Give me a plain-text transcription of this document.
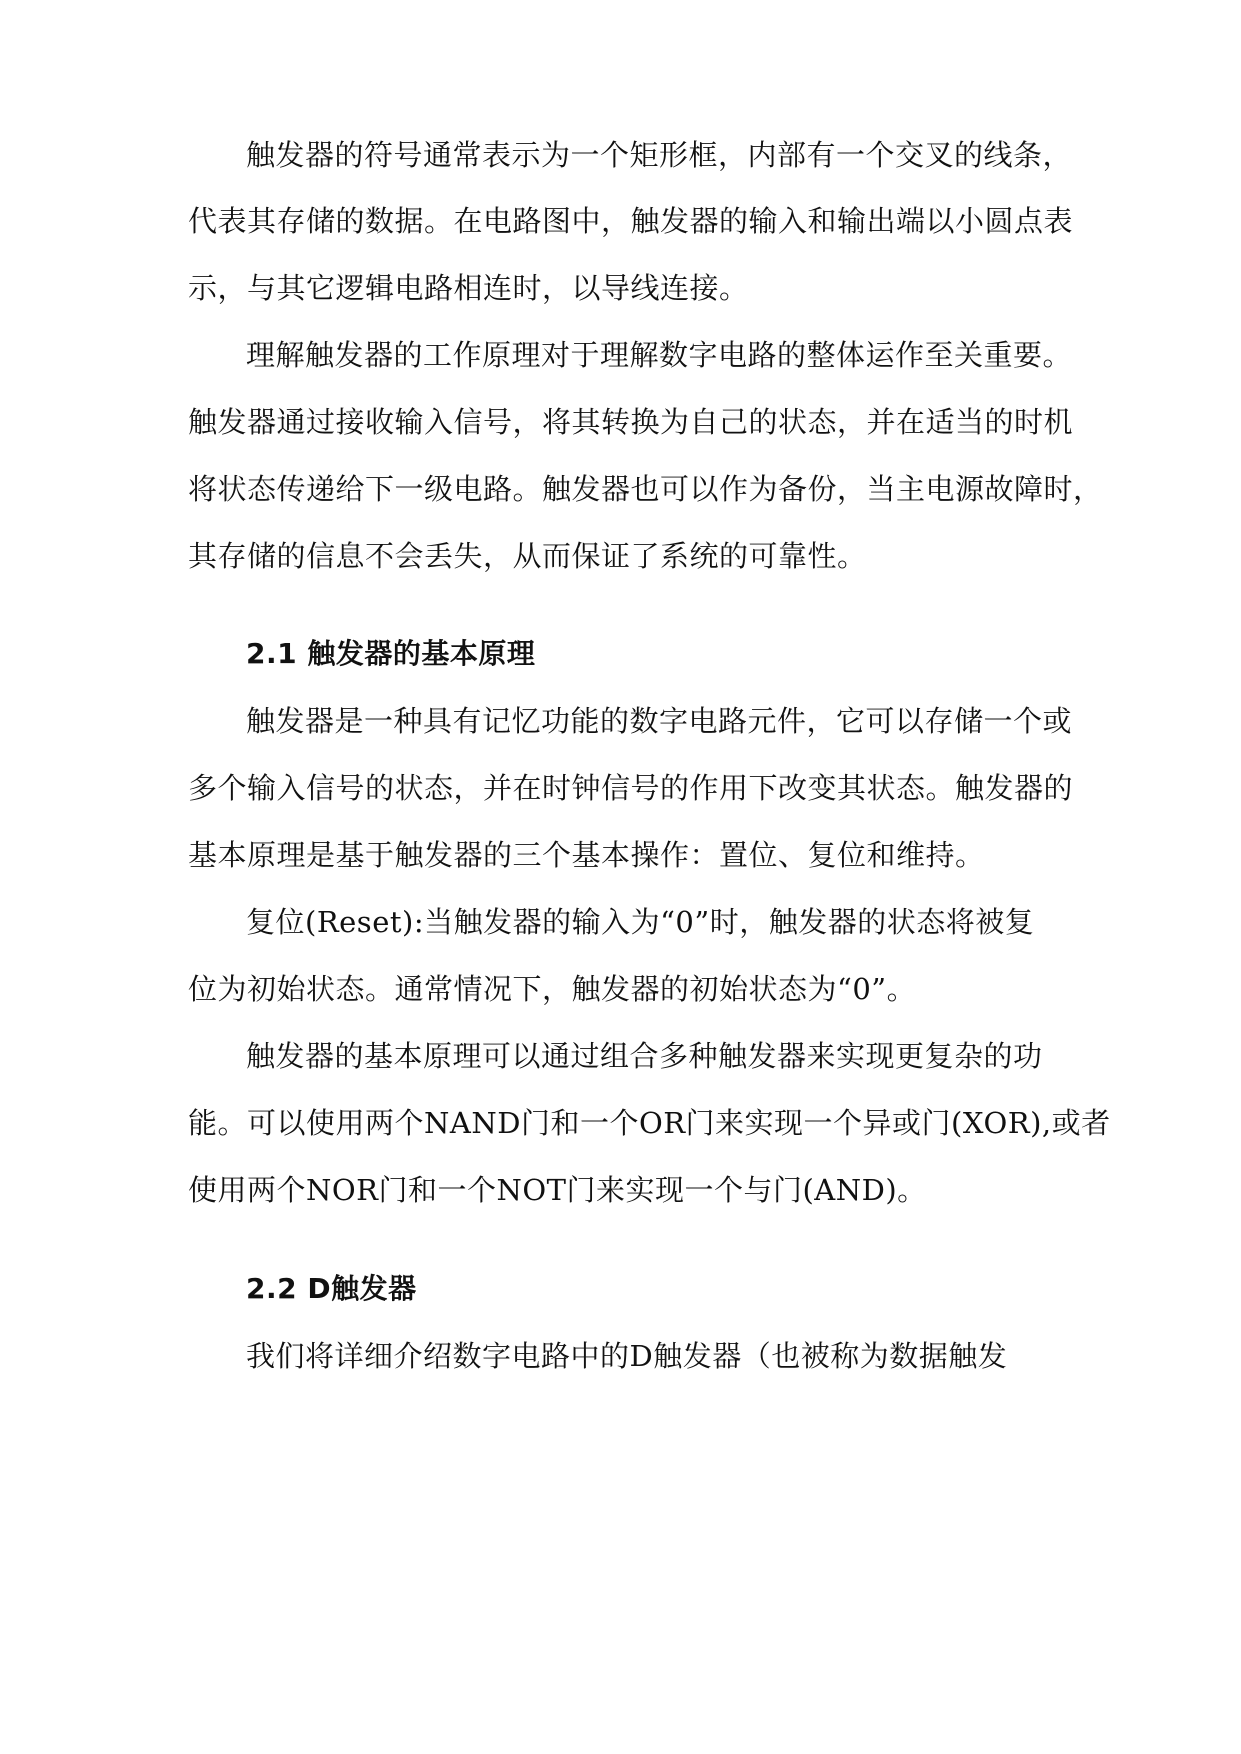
触发器的符号通常表示为一个矩形框，内部有一个交叉的线条，
代表其存储的数据。在电路图中，触发器的输入和输出端以小圆点表
示，与其它逻辑电路相连时，以导线连接。
理解触发器的工作原理对于理解数字电路的整体运作至关重要。
触发器通过接收输入信号，将其转换为自己的状态，并在适当的时机
将状态传递给下一级电路。触发器也可以作为备份，当主电源故障时，
其存储的信息不会丢失，从而保证了系统的可靠性。
2.1 触发器的基本原理
触发器是一种具有记忆功能的数字电路元件，它可以存储一个或
多个输入信号的状态，并在时钟信号的作用下改变其状态。触发器的
基本原理是基于触发器的三个基本操作：置位、复位和维持。
复位(Reset):当触发器的输入为“0”时，触发器的状态将被复
位为初始状态。通常情况下，触发器的初始状态为“0”。
触发器的基本原理可以通过组合多种触发器来实现更复杂的功
能。可以使用两个NAND门和一个OR门来实现一个异或门(XOR),或者
使用两个NOR门和一个NOT门来实现一个与门(AND)。
2.2 D触发器
我们将详细介绍数字电路中的D触发器（也被称为数据触发
